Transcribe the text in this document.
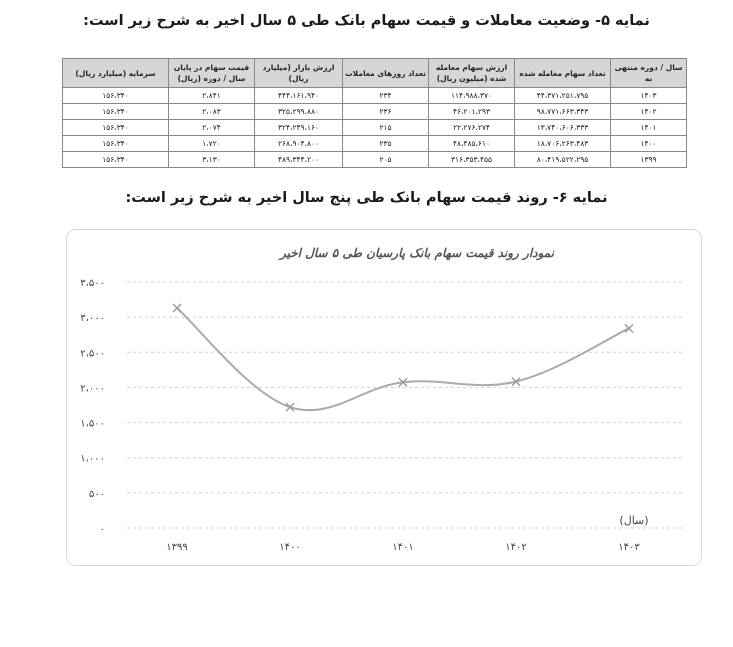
نمایه ۵- وضعیت معاملات و قیمت سهام بانک طی ۵ سال اخیر به شرح زیر است:
سال / دوره منتهی به	تعداد سهام معامله شده	ارزش سهام معامله شده (میلیون ریال)	تعداد روزهای معاملات	ارزش بازار (میلیارد ریال)	قیمت سهام در پایان سال / دوره (ریال)	سرمایه (میلیارد ریال)
۱۴۰۳	۴۴،۳۷۱،۲۵۱،۷۹۵	۱۱۴،۹۸۸،۳۷۰	۲۳۴	۴۴۴،۱۶۱،۹۴۰	۲،۸۴۱	۱۵۶،۳۴۰
۱۴۰۲	۹۸،۷۷۱،۶۶۳،۳۴۳	۴۶،۲۰۱،۲۹۳	۲۳۶	۳۲۵،۲۹۹،۸۸۰	۲،۰۸۳	۱۵۶،۳۴۰
۱۴۰۱	۱۳،۷۴۰،۶۰۶،۳۳۳	۲۲،۲۷۶،۲۷۴	۲۱۵	۳۲۴،۲۴۹،۱۶۰	۲،۰۷۴	۱۵۶،۳۴۰
۱۴۰۰	۱۸،۷۰۶،۲۶۳،۴۸۳	۴۸،۴۸۵،۶۱۰	۲۳۵	۲۶۸،۹۰۴،۸۰۰	۱،۷۲۰	۱۵۶،۳۴۰
۱۳۹۹	۸۰،۴۱۹،۵۲۲،۲۹۵	۳۱۶،۳۵۳،۴۵۵	۲۰۵	۴۸۹،۳۴۴،۲۰۰	۳،۱۳۰	۱۵۶،۳۴۰
نمایه ۶- روند قیمت سهام بانک طی پنج سال اخیر به شرح زیر است:
نمودار روند قیمت سهام بانک پارسیان طی ۵ سال اخیر
۰
۵۰۰
۱،۰۰۰
۱،۵۰۰
۲،۰۰۰
۲،۵۰۰
۳،۰۰۰
۳،۵۰۰
۱۳۹۹	۱۴۰۰	۱۴۰۱	۱۴۰۲	۱۴۰۳
(سال)
